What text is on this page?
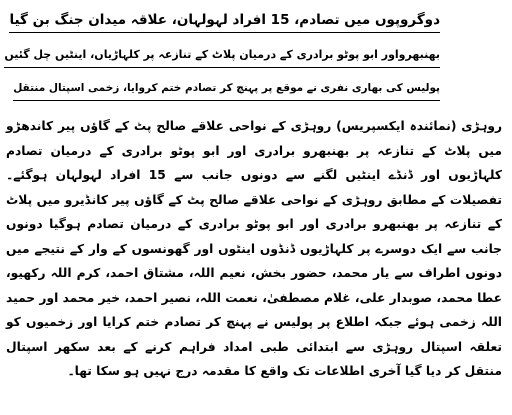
دوگروپوں میں تصادم، 15 افراد لہولہان، علاقہ میدان جنگ بن گیا
بھنبھرواور ابو پوٹو برادری کے درمیان پلاٹ کے تنازعہ پر کلہاڑیاں، اینٹیں چل گئیں
پولیس کی بھاری نفری نے موقع پر پہنچ کر تصادم ختم کروایا، زخمی اسپتال منتقل

روہڑی (نمائندہ ایکسپریس) روہڑی کے نواحی علاقے صالح پٹ کے گاؤں پیر کاندھڑو میں پلاٹ کے تنازعہ پر بھنبھرو برادری اور ابو پوٹو برادری کے درمیان تصادم کلہاڑیوں اور ڈنڈے اینٹیں لگنے سے دونوں جانب سے 15 افراد لہولہان ہوگئے۔ تفصیلات کے مطابق روہڑی کے نواحی علاقے صالح پٹ کے گاؤں پیر کانڈیرو میں پلاٹ کے تنازعہ پر بھنبھرو برادری اور ابو پوٹو برادری کے درمیان تصادم ہوگیا دونوں جانب سے ایک دوسرے پر کلہاڑیوں ڈنڈوں اینٹوں اور گھونسوں کے وار کے نتیجے میں دونوں اطراف سے یار محمد، حضور بخش، نعیم اللہ، مشتاق احمد، کرم اللہ رکھیو، عطا محمد، صوبدار علی، غلام مصطفیٰ، نعمت اللہ، نصیر احمد، خیر محمد اور حمید اللہ زخمی ہوئے جبکہ اطلاع پر پولیس نے پہنچ کر تصادم ختم کرایا اور زخمیوں کو تعلقہ اسپتال روہڑی سے ابتدائی طبی امداد فراہم کرنے کے بعد سکھر اسپتال منتقل کر دیا گیا آخری اطلاعات تک واقع کا مقدمہ درج نہیں ہو سکا تھا۔
